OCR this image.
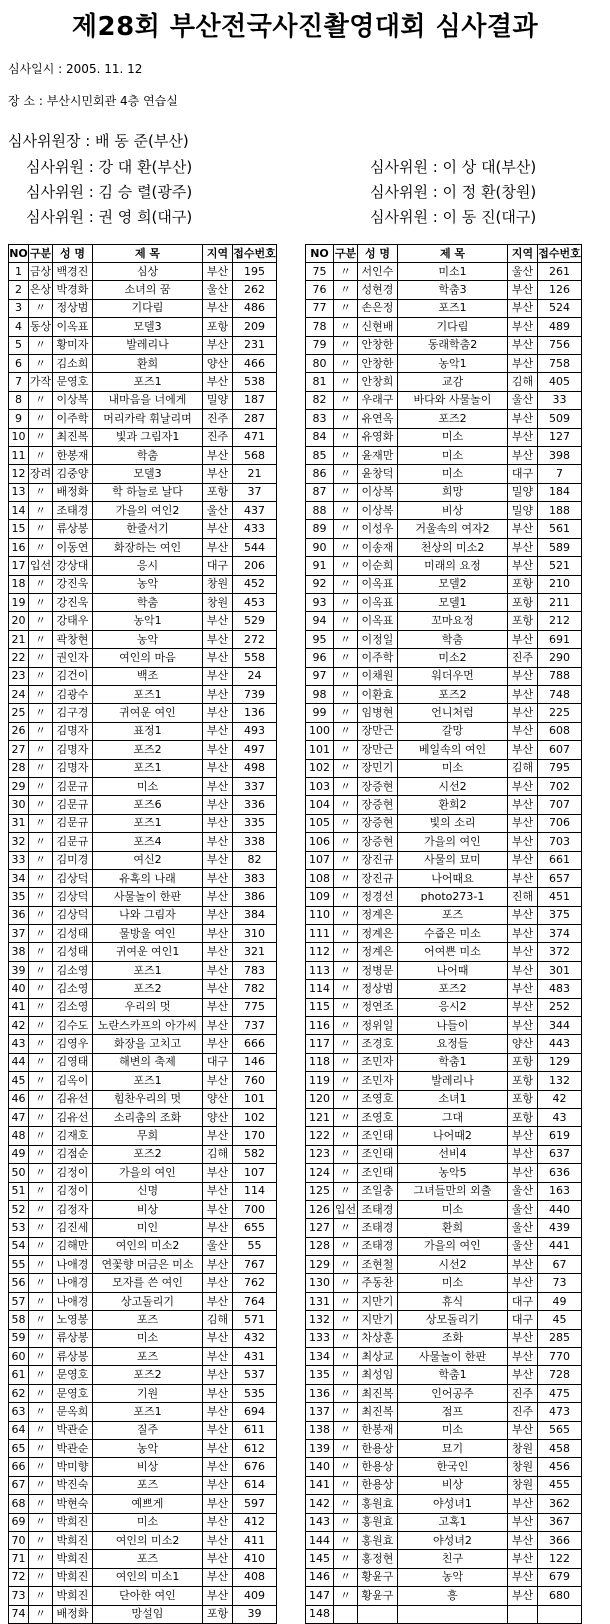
제28회 부산전국사진촬영대회 심사결과
심사일시 : 2005. 11. 12
장 소 : 부산시민회관 4층 연습실
심사위원장 : 배 동 준(부산)
심사위원 : 강 대 환(부산)
심사위원 : 김 승 렬(광주)
심사위원 : 권 영 희(대구)
심사위원 : 이 상 대(부산)
심사위원 : 이 정 환(창원)
심사위원 : 이 동 진(대구)
NO	구분	성 명	제 목	지역	접수번호
1	금상	백경진	심상	부산	195
2	은상	박경화	소녀의 꿈	울산	262
3	〃	정상범	기다림	부산	486
4	동상	이옥표	모델3	포항	209
5	〃	황미자	발레리나	부산	231
6	〃	김소희	환희	양산	466
7	가작	문영호	포즈1	부산	538
8	〃	이상복	내마음을 너에게	밀양	187
9	〃	이주학	머리카락 휘날리며	진주	287
10	〃	최진복	빛과 그림자1	진주	471
11	〃	한봉재	학춤	부산	568
12	장려	김중양	모델3	부산	21
13	〃	배정화	학 하늘로 날다	포항	37
14	〃	조태경	가을의 여인2	울산	437
15	〃	류상봉	한줄서기	부산	433
16	〃	이동연	화장하는 여인	부산	544
17	입선	강상대	응시	대구	206
18	〃	강진욱	농악	창원	452
19	〃	강진욱	학춤	창원	453
20	〃	강태우	농악1	부산	529
21	〃	곽창현	농악	부산	272
22	〃	권인자	여인의 마음	부산	558
23	〃	김건이	백조	부산	24
24	〃	김광수	포즈1	부산	739
25	〃	김구경	귀여운 여인	부산	136
26	〃	김명자	표정1	부산	493
27	〃	김명자	포즈2	부산	497
28	〃	김명자	포즈1	부산	498
29	〃	김문규	미소	부산	337
30	〃	김문규	포즈6	부산	336
31	〃	김문규	포즈1	부산	335
32	〃	김문규	포즈4	부산	338
33	〃	김미경	여신2	부산	82
34	〃	김상덕	유혹의 나래	부산	383
35	〃	김상덕	사물놀이 한판	부산	386
36	〃	김상덕	나와 그림자	부산	384
37	〃	김성태	물방울 여인	부산	310
38	〃	김성태	귀여운 여인1	부산	321
39	〃	김소영	포즈1	부산	783
40	〃	김소영	포즈2	부산	782
41	〃	김소영	우리의 멋	부산	775
42	〃	김수도	노란스카프의 아가씨	부산	737
43	〃	김영우	화장을 고치고	부산	666
44	〃	김영태	해변의 축제	대구	146
45	〃	김옥이	포즈1	부산	760
46	〃	김유선	힘찬우리의 멋	양산	101
47	〃	김유선	소리춤의 조화	양산	102
48	〃	김재호	무희	부산	170
49	〃	김점순	포즈2	김해	582
50	〃	김정이	가을의 여인	부산	107
51	〃	김정이	신명	부산	114
52	〃	김정자	비상	부산	700
53	〃	김진세	미인	부산	655
54	〃	김해만	여인의 미소2	울산	55
55	〃	나애경	연꽃향 머금은 미소	부산	767
56	〃	나애경	모자를 쓴 여인	부산	762
57	〃	나애경	상고돌리기	부산	764
58	〃	노영봉	포즈	김해	571
59	〃	류상봉	미소	부산	432
60	〃	류상봉	포즈	부산	431
61	〃	문영호	포즈2	부산	537
62	〃	문영호	기원	부산	535
63	〃	문옥희	포즈1	부산	694
64	〃	박관순	질주	부산	611
65	〃	박관순	농악	부산	612
66	〃	박미향	비상	부산	676
67	〃	박진숙	포즈	부산	614
68	〃	박현숙	예쁘게	부산	597
69	〃	박희진	미소	부산	412
70	〃	박희진	여인의 미소2	부산	411
71	〃	박희진	포즈	부산	410
72	〃	박희진	여인의 미소1	부산	408
73	〃	박희진	단아한 여인	부산	409
74	〃	배정화	망설임	포항	39
NO	구분	성 명	제 목	지역	접수번호
75	〃	서인수	미소1	울산	261
76	〃	성현경	학춤3	부산	126
77	〃	손은정	포즈1	부산	524
78	〃	신현배	기다림	부산	489
79	〃	안창한	동래학춤2	부산	756
80	〃	안창한	농악1	부산	758
81	〃	안창희	교감	김해	405
82	〃	우래구	바다와 사물놀이	울산	33
83	〃	유연옥	포즈2	부산	509
84	〃	유영화	미소	부산	127
85	〃	윤재만	미소	부산	398
86	〃	윤창덕	미소	대구	7
87	〃	이상복	희망	밀양	184
88	〃	이상복	비상	밀양	188
89	〃	이성우	거울속의 여자2	부산	561
90	〃	이송재	천상의 미소2	부산	589
91	〃	이순희	미래의 요정	부산	521
92	〃	이옥표	모델2	포항	210
93	〃	이옥표	모델1	포항	211
94	〃	이옥표	꼬마요정	포항	212
95	〃	이정일	학춤	부산	691
96	〃	이주학	미소2	진주	290
97	〃	이채원	워더우먼	부산	788
98	〃	이환효	포즈2	부산	748
99	〃	임병현	언니처럼	부산	225
100	〃	장만근	갈망	부산	608
101	〃	장만근	베일속의 여인	부산	607
102	〃	장민기	미소	김해	795
103	〃	장증현	시선2	부산	702
104	〃	장증현	환희2	부산	707
105	〃	장증현	빛의 소리	부산	706
106	〃	장증현	가을의 여인	부산	703
107	〃	장진규	사물의 묘미	부산	661
108	〃	장진규	나어때요	부산	657
109	〃	정경선	photo273-1	진해	451
110	〃	정계은	포즈	부산	375
111	〃	정계은	수줍은 미소	부산	374
112	〃	정계은	어여쁜 미소	부산	372
113	〃	정병문	나어때	부산	301
114	〃	정상범	포즈2	부산	483
115	〃	정연조	응시2	부산	252
116	〃	정위일	나들이	부산	344
117	〃	조경호	요정들	양산	443
118	〃	조민자	학춤1	포항	129
119	〃	조민자	발레리나	포항	132
120	〃	조영호	소녀1	포항	42
121	〃	조영호	그대	포항	43
122	〃	조인태	나어때2	부산	619
123	〃	조인태	선비4	부산	637
124	〃	조인태	농악5	부산	636
125	〃	조일충	그녀들만의 외출	울산	163
126	입선	조태경	미소	울산	440
127	〃	조태경	환희	울산	439
128	〃	조태경	가을의 여인	울산	441
129	〃	조현철	시선2	부산	67
130	〃	주동찬	미소	부산	73
131	〃	지만기	휴식	대구	49
132	〃	지만기	상모돌리기	대구	45
133	〃	차상훈	조화	부산	285
134	〃	최상교	사물놀이 한판	부산	770
135	〃	최성임	학춤1	부산	728
136	〃	최진복	인어공주	진주	475
137	〃	최진복	점프	진주	473
138	〃	한봉재	미소	부산	565
139	〃	한용상	묘기	창원	458
140	〃	한용상	한국인	창원	456
141	〃	한용상	비상	창원	455
142	〃	홍원효	야성녀1	부산	362
143	〃	홍원효	고혹1	부산	367
144	〃	홍원효	야성녀2	부산	366
145	〃	홍정현	친구	부산	122
146	〃	황윤구	농악	부산	679
147	〃	황윤구	흥	부산	680
148					
